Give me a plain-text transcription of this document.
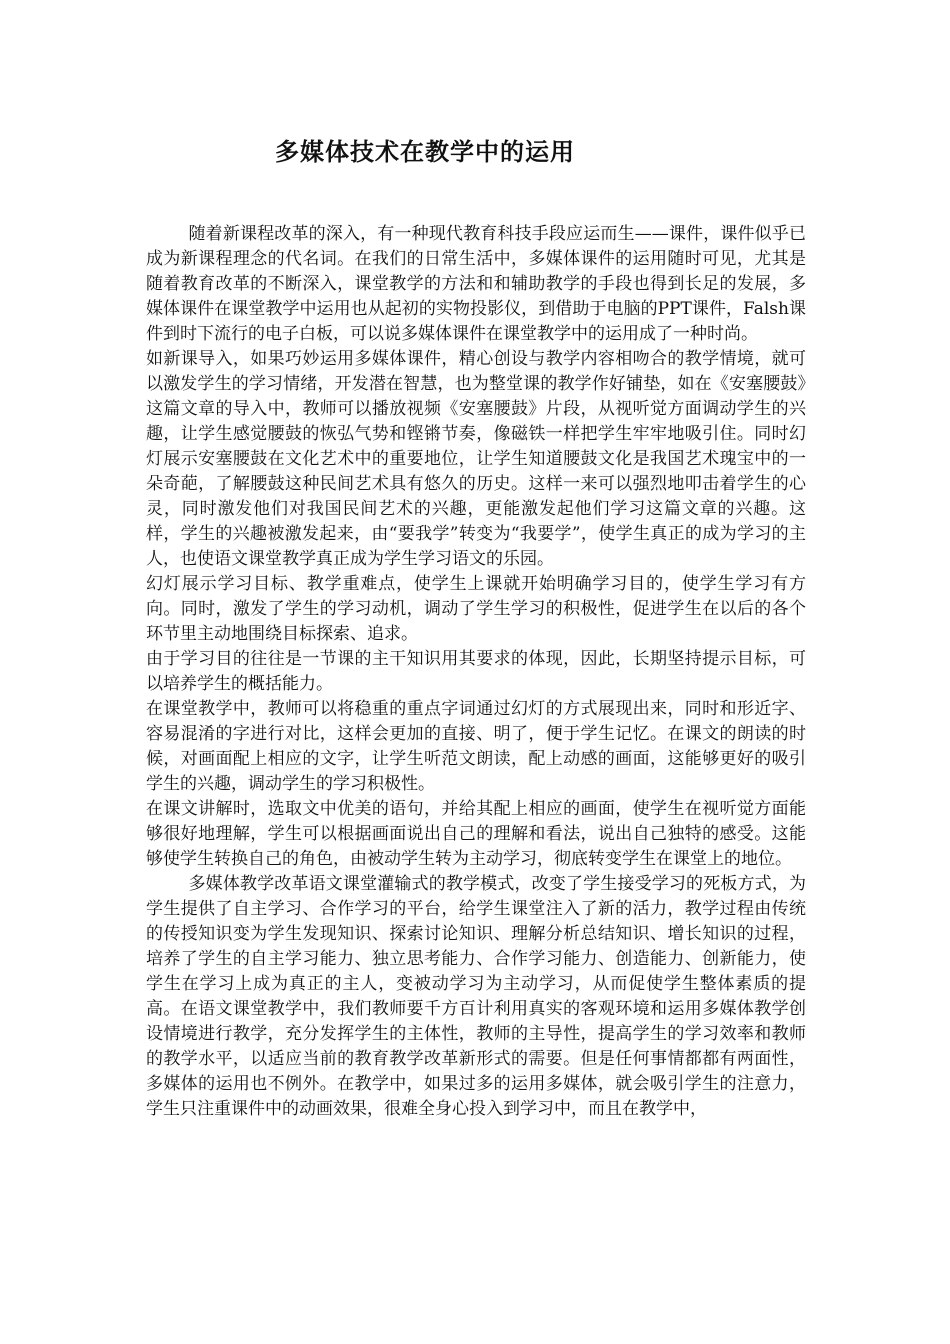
多媒体技术在教学中的运用

随着新课程改革的深入，有一种现代教育科技手段应运而生——课件，课件似乎已成为新课程理念的代名词。在我们的日常生活中，多媒体课件的运用随时可见，尤其是随着教育改革的不断深入，课堂教学的方法和和辅助教学的手段也得到长足的发展，多媒体课件在课堂教学中运用也从起初的实物投影仪，到借助于电脑的PPT课件，Falsh课件到时下流行的电子白板，可以说多媒体课件在课堂教学中的运用成了一种时尚。

如新课导入，如果巧妙运用多媒体课件，精心创设与教学内容相吻合的教学情境，就可以激发学生的学习情绪，开发潜在智慧，也为整堂课的教学作好铺垫，如在《安塞腰鼓》这篇文章的导入中，教师可以播放视频《安塞腰鼓》片段，从视听觉方面调动学生的兴趣，让学生感觉腰鼓的恢弘气势和铿锵节奏，像磁铁一样把学生牢牢地吸引住。同时幻灯展示安塞腰鼓在文化艺术中的重要地位，让学生知道腰鼓文化是我国艺术瑰宝中的一朵奇葩，了解腰鼓这种民间艺术具有悠久的历史。这样一来可以强烈地叩击着学生的心灵，同时激发他们对我国民间艺术的兴趣，更能激发起他们学习这篇文章的兴趣。这样，学生的兴趣被激发起来，由“要我学”转变为“我要学”，使学生真正的成为学习的主人，也使语文课堂教学真正成为学生学习语文的乐园。

幻灯展示学习目标、教学重难点，使学生上课就开始明确学习目的，使学生学习有方向。同时，激发了学生的学习动机，调动了学生学习的积极性，促进学生在以后的各个环节里主动地围绕目标探索、追求。

由于学习目的往往是一节课的主干知识用其要求的体现，因此，长期坚持提示目标，可以培养学生的概括能力。

在课堂教学中，教师可以将稳重的重点字词通过幻灯的方式展现出来，同时和形近字、容易混淆的字进行对比，这样会更加的直接、明了，便于学生记忆。在课文的朗读的时候，对画面配上相应的文字，让学生听范文朗读，配上动感的画面，这能够更好的吸引学生的兴趣，调动学生的学习积极性。

在课文讲解时，选取文中优美的语句，并给其配上相应的画面，使学生在视听觉方面能够很好地理解，学生可以根据画面说出自己的理解和看法，说出自己独特的感受。这能够使学生转换自己的角色，由被动学生转为主动学习，彻底转变学生在课堂上的地位。

多媒体教学改革语文课堂灌输式的教学模式，改变了学生接受学习的死板方式，为学生提供了自主学习、合作学习的平台，给学生课堂注入了新的活力，教学过程由传统的传授知识变为学生发现知识、探索讨论知识、理解分析总结知识、增长知识的过程，培养了学生的自主学习能力、独立思考能力、合作学习能力、创造能力、创新能力，使学生在学习上成为真正的主人，变被动学习为主动学习，从而促使学生整体素质的提高。在语文课堂教学中，我们教师要千方百计利用真实的客观环境和运用多媒体教学创设情境进行教学，充分发挥学生的主体性，教师的主导性，提高学生的学习效率和教师的教学水平，以适应当前的教育教学改革新形式的需要。但是任何事情都都有两面性，多媒体的运用也不例外。在教学中，如果过多的运用多媒体，就会吸引学生的注意力，学生只注重课件中的动画效果，很难全身心投入到学习中，而且在教学中，
